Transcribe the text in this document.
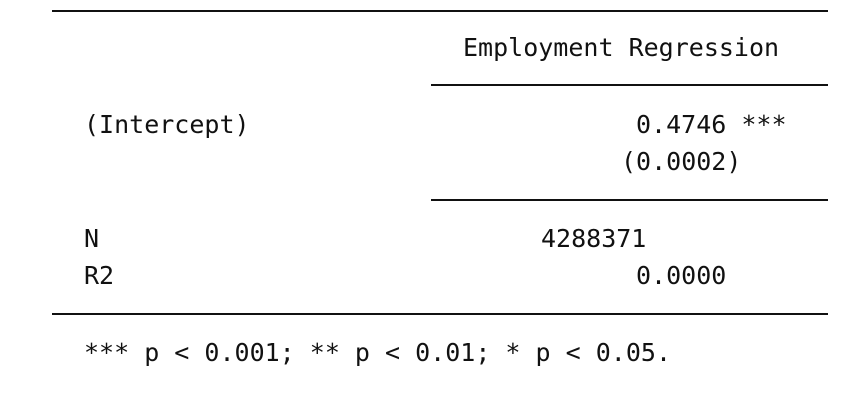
Employment Regression
(Intercept)	0.4746 ***
(0.0002)
N	4288371
R2	0.0000
*** p < 0.001; ** p < 0.01; * p < 0.05.
